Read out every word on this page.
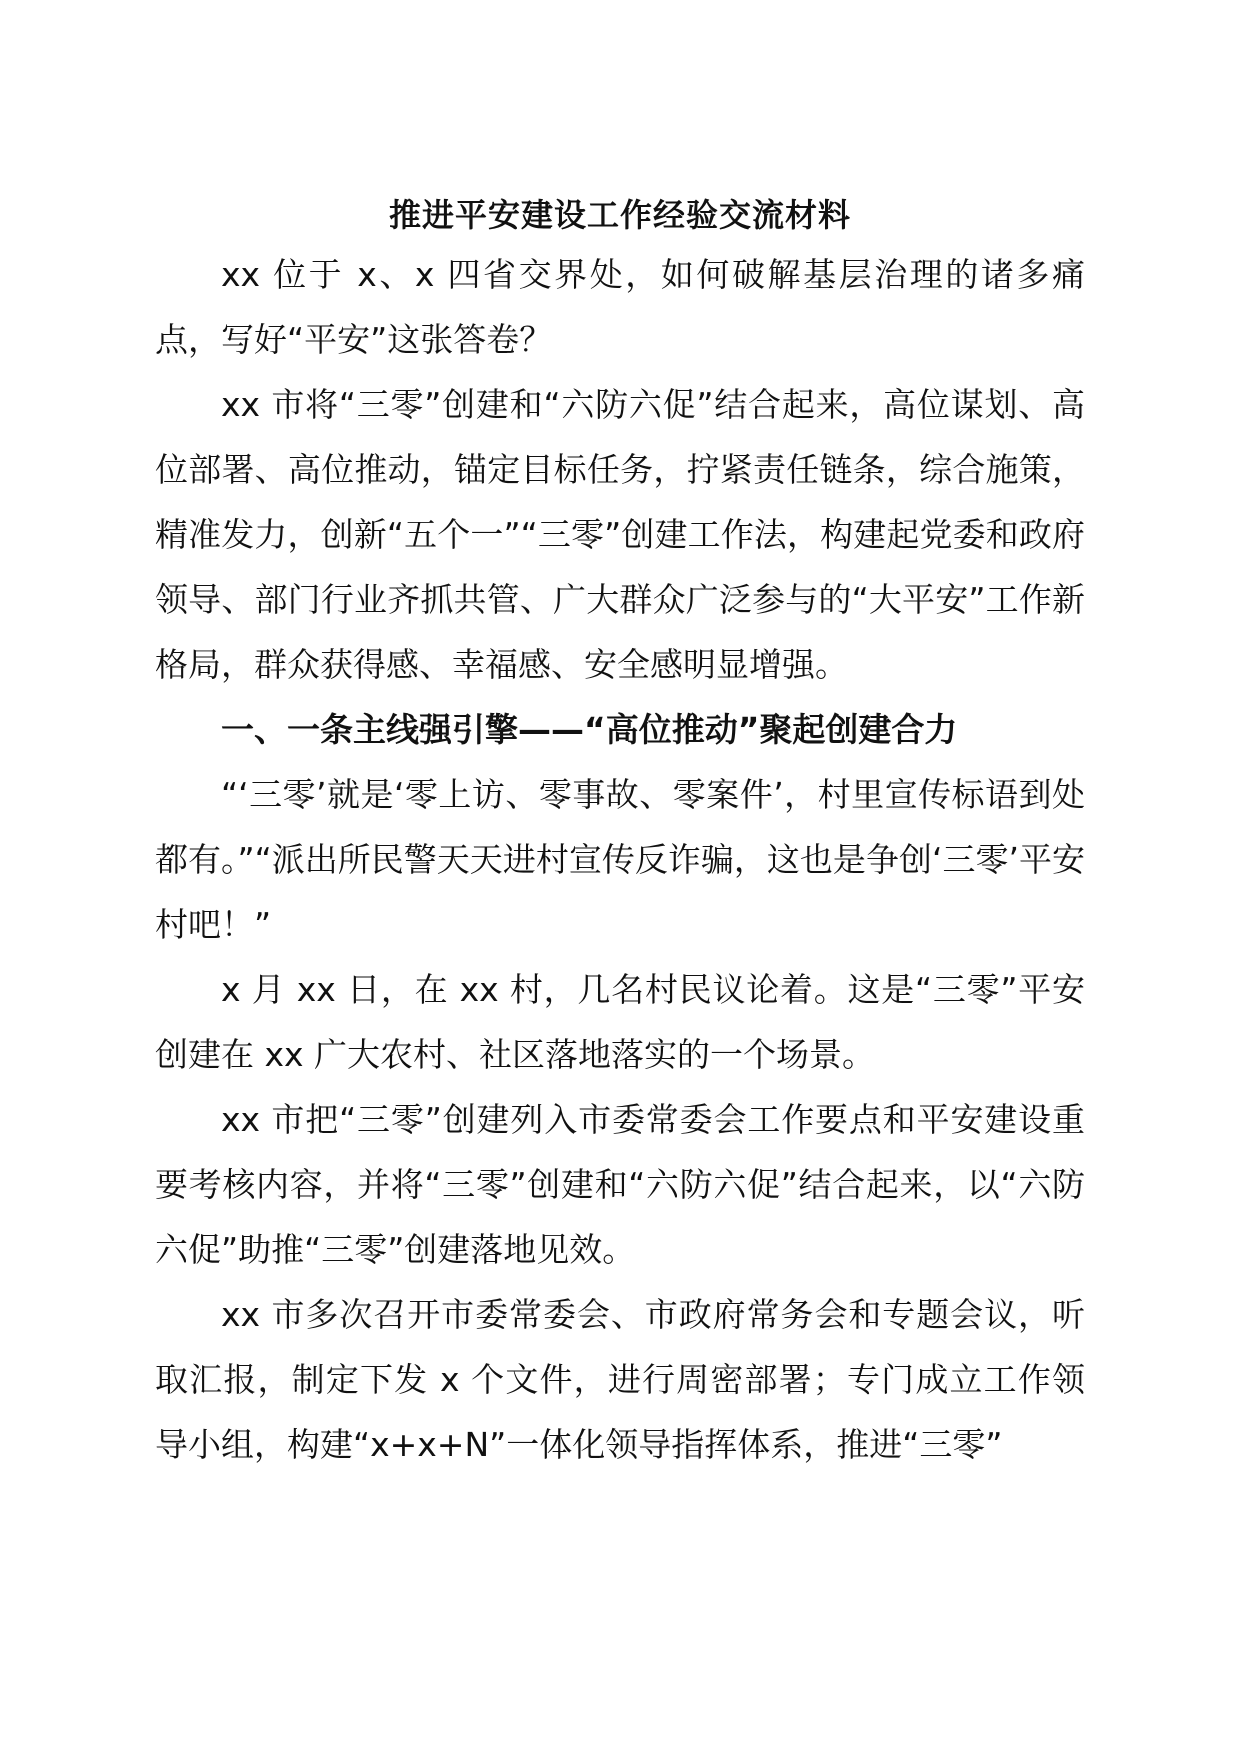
推进平安建设工作经验交流材料

xx 位于 x、x 四省交界处，如何破解基层治理的诸多痛点，写好“平安”这张答卷？

xx 市将“三零”创建和“六防六促”结合起来，高位谋划、高位部署、高位推动，锚定目标任务，拧紧责任链条，综合施策，精准发力，创新“五个一”“三零”创建工作法，构建起党委和政府领导、部门行业齐抓共管、广大群众广泛参与的“大平安”工作新格局，群众获得感、幸福感、安全感明显增强。

一、一条主线强引擎——“高位推动”聚起创建合力

“‘三零’就是‘零上访、零事故、零案件’，村里宣传标语到处都有。”“派出所民警天天进村宣传反诈骗，这也是争创‘三零’平安村吧！”

x 月 xx 日，在 xx 村，几名村民议论着。这是“三零”平安创建在 xx 广大农村、社区落地落实的一个场景。

xx 市把“三零”创建列入市委常委会工作要点和平安建设重要考核内容，并将“三零”创建和“六防六促”结合起来，以“六防六促”助推“三零”创建落地见效。

xx 市多次召开市委常委会、市政府常务会和专题会议，听取汇报，制定下发 x 个文件，进行周密部署；专门成立工作领导小组，构建“x+x+N”一体化领导指挥体系，推进“三零”
